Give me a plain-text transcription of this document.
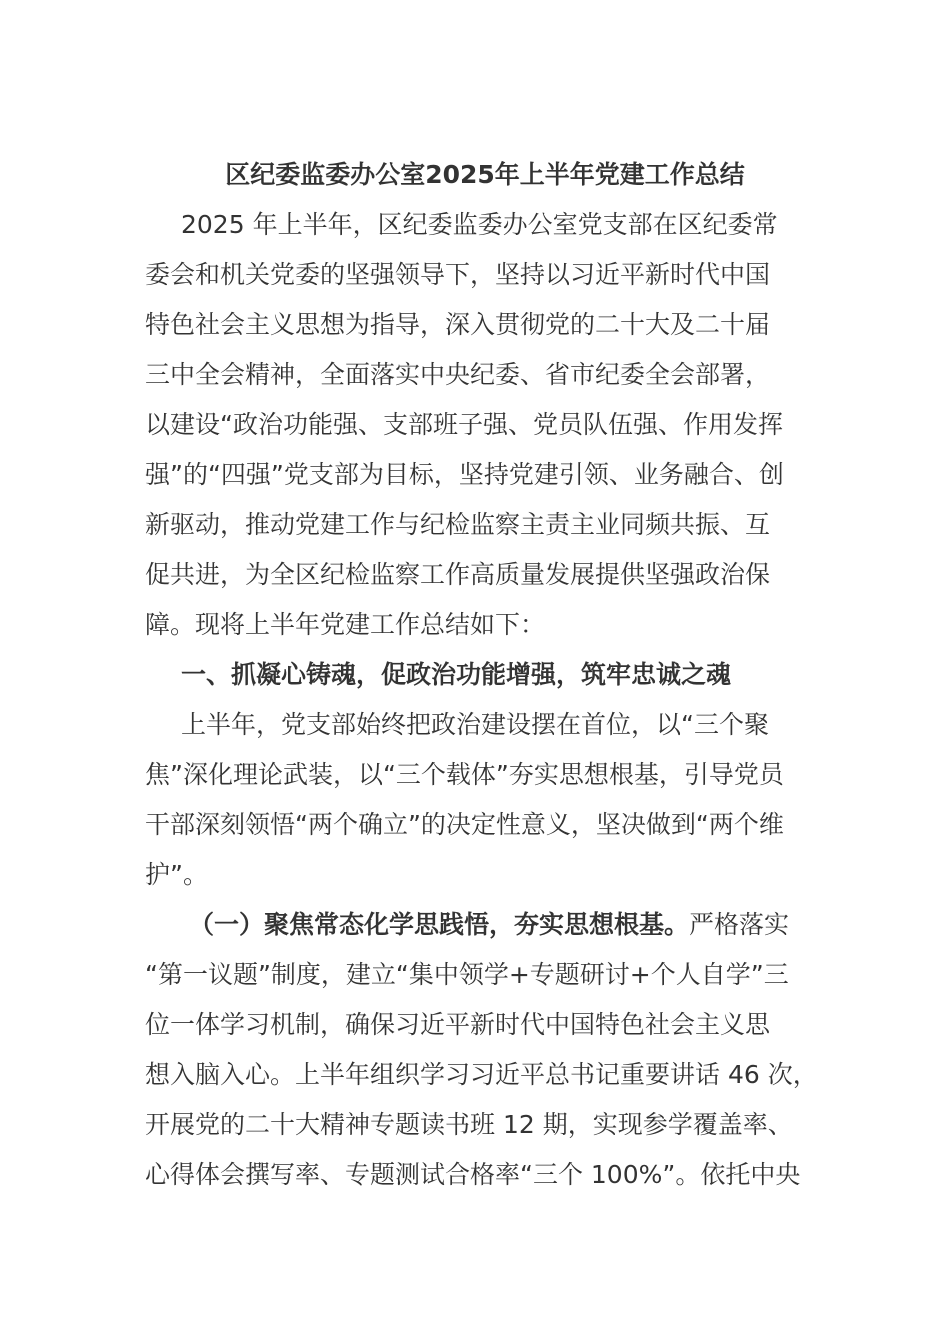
区纪委监委办公室2025年上半年党建工作总结
2025 年上半年，区纪委监委办公室党支部在区纪委常
委会和机关党委的坚强领导下，坚持以习近平新时代中国
特色社会主义思想为指导，深入贯彻党的二十大及二十届
三中全会精神，全面落实中央纪委、省市纪委全会部署，
以建设“政治功能强、支部班子强、党员队伍强、作用发挥
强”的“四强”党支部为目标，坚持党建引领、业务融合、创
新驱动，推动党建工作与纪检监察主责主业同频共振、互
促共进，为全区纪检监察工作高质量发展提供坚强政治保
障。现将上半年党建工作总结如下：
一、抓凝心铸魂，促政治功能增强，筑牢忠诚之魂
上半年，党支部始终把政治建设摆在首位，以“三个聚
焦”深化理论武装，以“三个载体”夯实思想根基，引导党员
干部深刻领悟“两个确立”的决定性意义，坚决做到“两个维
护”。
（一）聚焦常态化学思践悟，夯实思想根基。严格落实
“第一议题”制度，建立“集中领学+专题研讨+个人自学”三
位一体学习机制，确保习近平新时代中国特色社会主义思
想入脑入心。上半年组织学习习近平总书记重要讲话 46 次，
开展党的二十大精神专题读书班 12 期，实现参学覆盖率、
心得体会撰写率、专题测试合格率“三个 100%”。依托中央
